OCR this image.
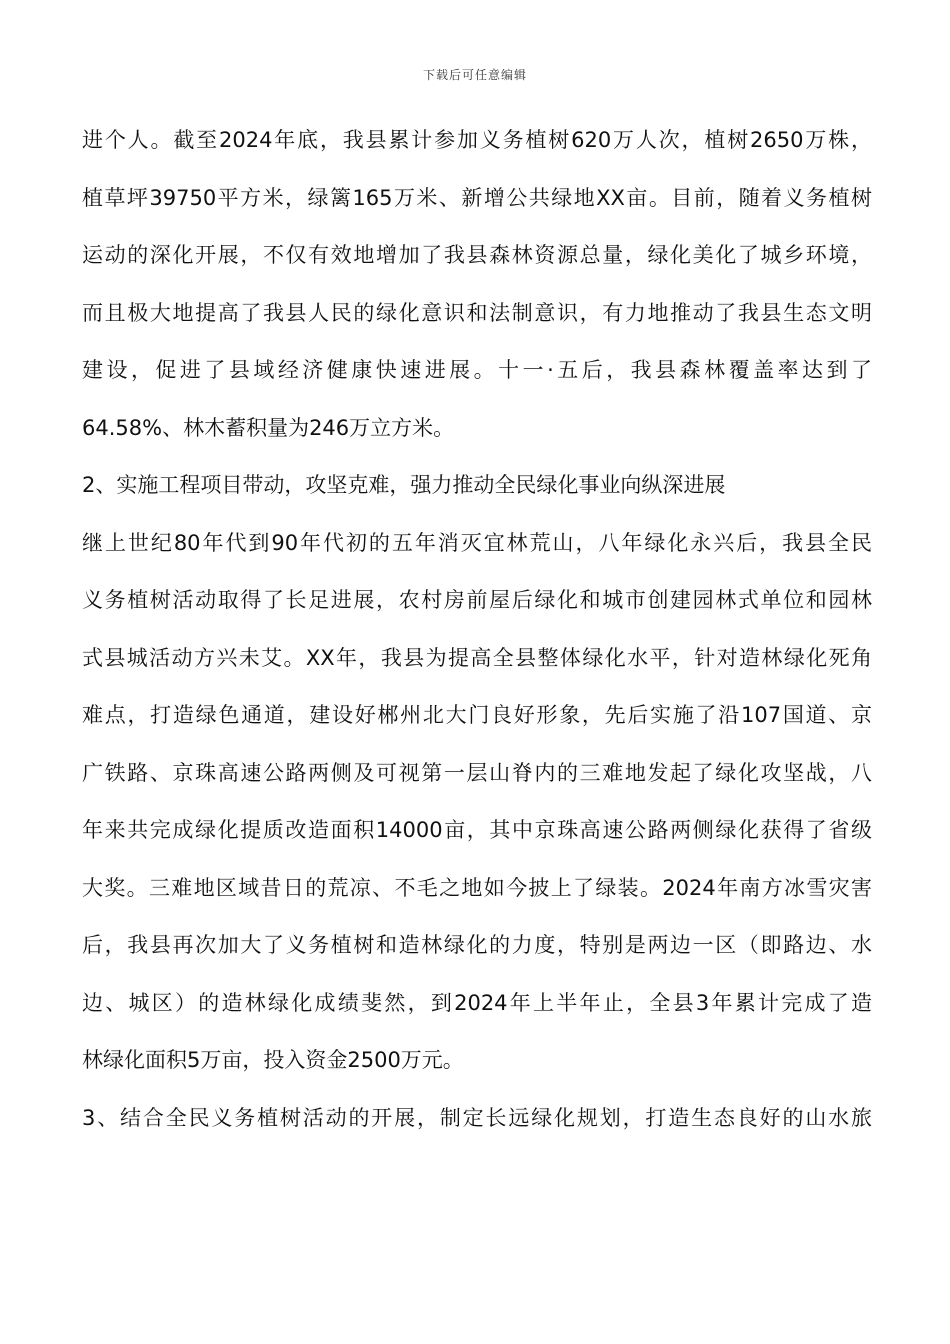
下载后可任意编辑
进个人。截至2024年底，我县累计参加义务植树620万人次，植树2650万株，
植草坪39750平方米，绿篱165万米、新增公共绿地XX亩。目前，随着义务植树
运动的深化开展，不仅有效地增加了我县森林资源总量，绿化美化了城乡环境，
而且极大地提高了我县人民的绿化意识和法制意识，有力地推动了我县生态文明
建设，促进了县域经济健康快速进展。十一·五后，我县森林覆盖率达到了
64.58%、林木蓄积量为246万立方米。
2、实施工程项目带动，攻坚克难，强力推动全民绿化事业向纵深进展
继上世纪80年代到90年代初的五年消灭宜林荒山，八年绿化永兴后，我县全民
义务植树活动取得了长足进展，农村房前屋后绿化和城市创建园林式单位和园林
式县城活动方兴未艾。XX年，我县为提高全县整体绿化水平，针对造林绿化死角
难点，打造绿色通道，建设好郴州北大门良好形象，先后实施了沿107国道、京
广铁路、京珠高速公路两侧及可视第一层山脊内的三难地发起了绿化攻坚战，八
年来共完成绿化提质改造面积14000亩，其中京珠高速公路两侧绿化获得了省级
大奖。三难地区域昔日的荒凉、不毛之地如今披上了绿装。2024年南方冰雪灾害
后，我县再次加大了义务植树和造林绿化的力度，特别是两边一区（即路边、水
边、城区）的造林绿化成绩斐然，到2024年上半年止，全县3年累计完成了造
林绿化面积5万亩，投入资金2500万元。
3、结合全民义务植树活动的开展，制定长远绿化规划，打造生态良好的山水旅
